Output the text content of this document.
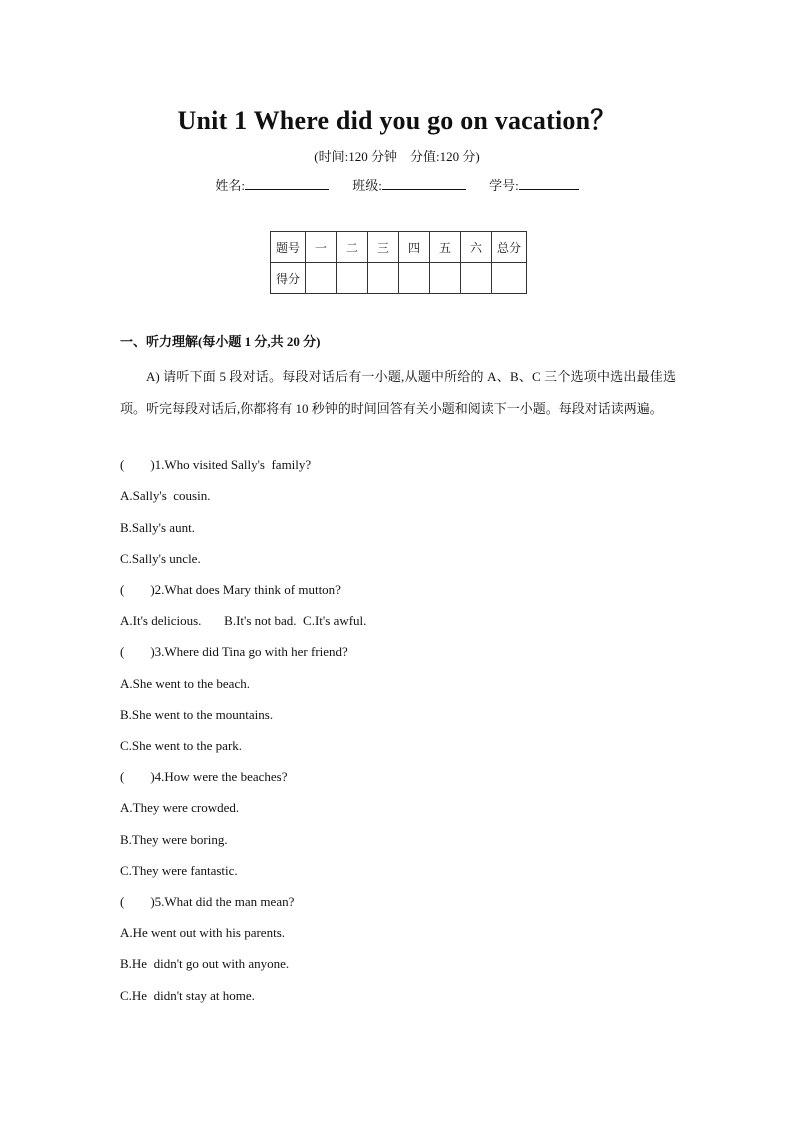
Unit 1 Where did you go on vacation？
(时间:120 分钟　分值:120 分)
姓名:	班级:	学号:
题号	一	二	三	四	五	六	总分
得分							
一、听力理解(每小题 1 分,共 20 分)
A) 请听下面 5 段对话。每段对话后有一小题,从题中所给的 A、B、C 三个选项中选出最佳选项。听完每段对话后,你都将有 10 秒钟的时间回答有关小题和阅读下一小题。每段对话读两遍。
(        )1.Who visited Sally's  family?
A.Sally's  cousin.
B.Sally's aunt.
C.Sally's uncle.
(        )2.What does Mary think of mutton?
A.It's delicious.       B.It's not bad.  C.It's awful.
(        )3.Where did Tina go with her friend?
A.She went to the beach.
B.She went to the mountains.
C.She went to the park.
(        )4.How were the beaches?
A.They were crowded.
B.They were boring.
C.They were fantastic.
(        )5.What did the man mean?
A.He went out with his parents.
B.He  didn't go out with anyone.
C.He  didn't stay at home.
